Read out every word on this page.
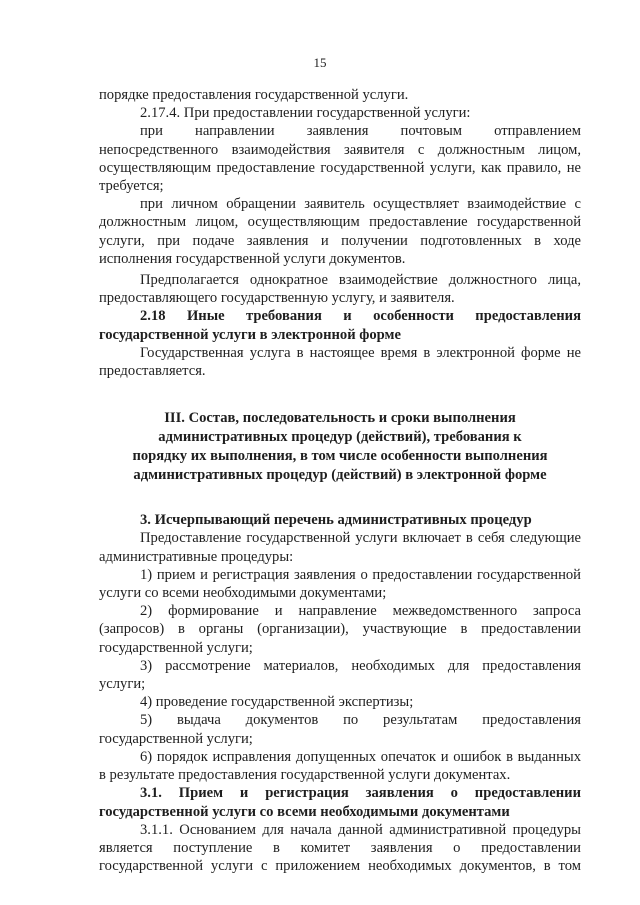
15

порядке предоставления государственной услуги.

2.17.4. При предоставлении государственной услуги:

при направлении заявления почтовым отправлением непосредственного взаимодействия заявителя с должностным лицом, осуществляющим предоставление государственной услуги, как правило, не требуется;

при личном обращении заявитель осуществляет взаимодействие с должностным лицом, осуществляющим предоставление государственной услуги, при подаче заявления и получении подготовленных в ходе исполнения государственной услуги документов.

Предполагается однократное взаимодействие должностного лица, предоставляющего государственную услугу, и заявителя.

2.18 Иные требования и особенности предоставления государственной услуги в электронной форме

Государственная услуга в настоящее время в электронной форме не предоставляется.

III. Состав, последовательность и сроки выполнения
административных процедур (действий), требования к
порядку их выполнения, в том числе особенности выполнения
административных процедур (действий) в электронной форме

3. Исчерпывающий перечень административных процедур

Предоставление государственной услуги включает в себя следующие административные процедуры:

1) прием и регистрация заявления о предоставлении государственной услуги со всеми необходимыми документами;

2) формирование и направление межведомственного запроса (запросов) в органы (организации), участвующие в предоставлении государственной услуги;

3) рассмотрение материалов, необходимых для предоставления услуги;

4) проведение государственной экспертизы;

5) выдача документов по результатам предоставления государственной услуги;

6) порядок исправления допущенных опечаток и ошибок в выданных в результате предоставления государственной услуги документах.

3.1. Прием и регистрация заявления о предоставлении государственной услуги со всеми необходимыми документами

3.1.1. Основанием для начала данной административной процедуры является поступление в комитет заявления о предоставлении государственной услуги с приложением необходимых документов, в том
